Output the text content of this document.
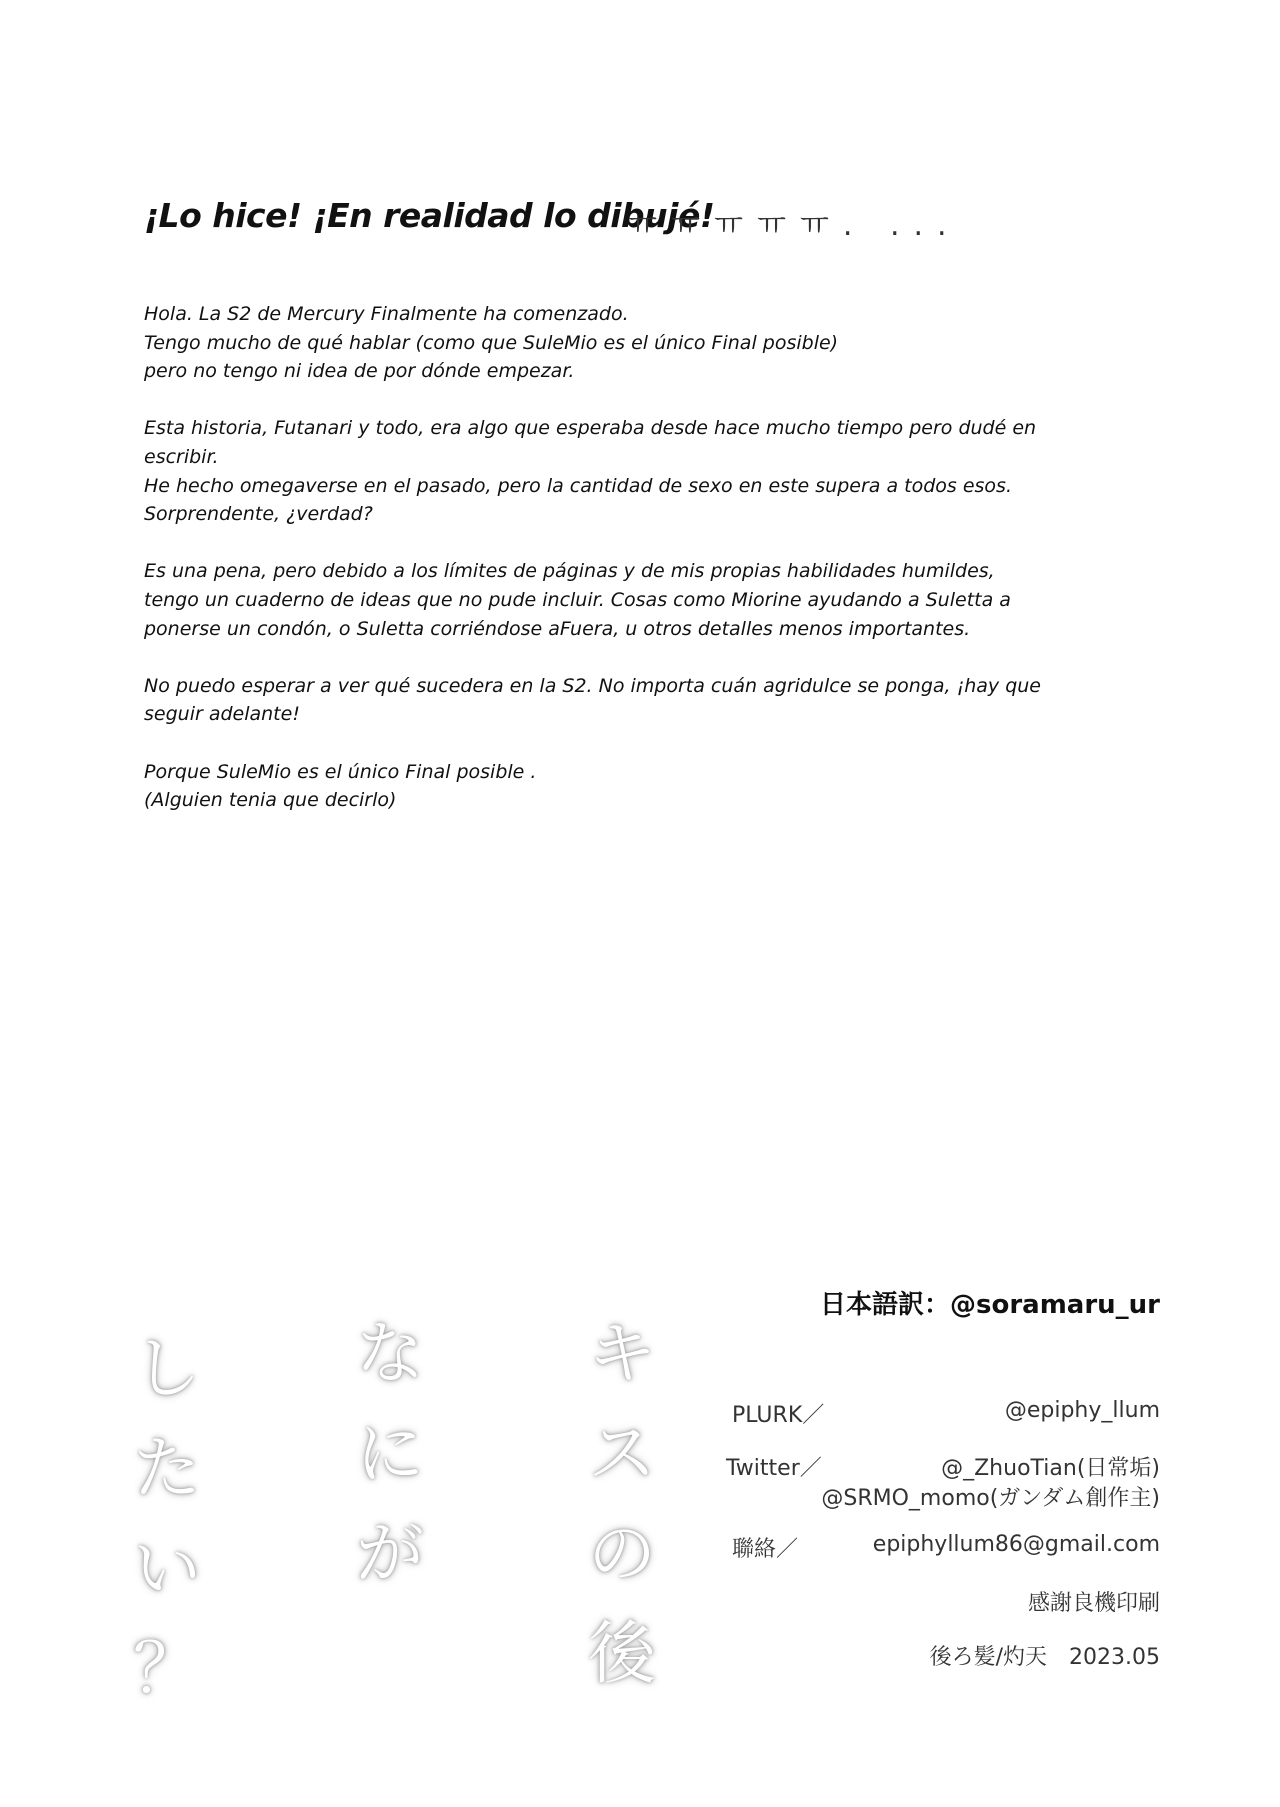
¡Lo hice! ¡En realidad lo dibujé!
ㅠㅠㅠㅠㅠ. ...

Hola. La S2 de Mercury Finalmente ha comenzado.
Tengo mucho de qué hablar (como que SuleMio es el único Final posible)
pero no tengo ni idea de por dónde empezar.

Esta historia, Futanari y todo, era algo que esperaba desde hace mucho tiempo pero dudé en
escribir.
He hecho omegaverse en el pasado, pero la cantidad de sexo en este supera a todos esos.
Sorprendente, ¿verdad?

Es una pena, pero debido a los límites de páginas y de mis propias habilidades humildes,
tengo un cuaderno de ideas que no pude incluir. Cosas como Miorine ayudando a Suletta a
ponerse un condón, o Suletta corriéndose aFuera, u otros detalles menos importantes.

No puedo esperar a ver qué sucedera en la S2. No importa cuán agridulce se ponga, ¡hay que
seguir adelante!

Porque SuleMio es el único Final posible .
(Alguien tenia que decirlo)

キ
ス
の
後
な
に
が
し
た
い
？
日本語訳：@soramaru_ur
PLURK／	@epiphy_llum
Twitter／	@_ZhuoTian(日常垢)
@SRMO_momo(ガンダム創作主)
聯絡／	epiphyllum86@gmail.com
感謝良機印刷
後ろ髪/灼天　2023.05
